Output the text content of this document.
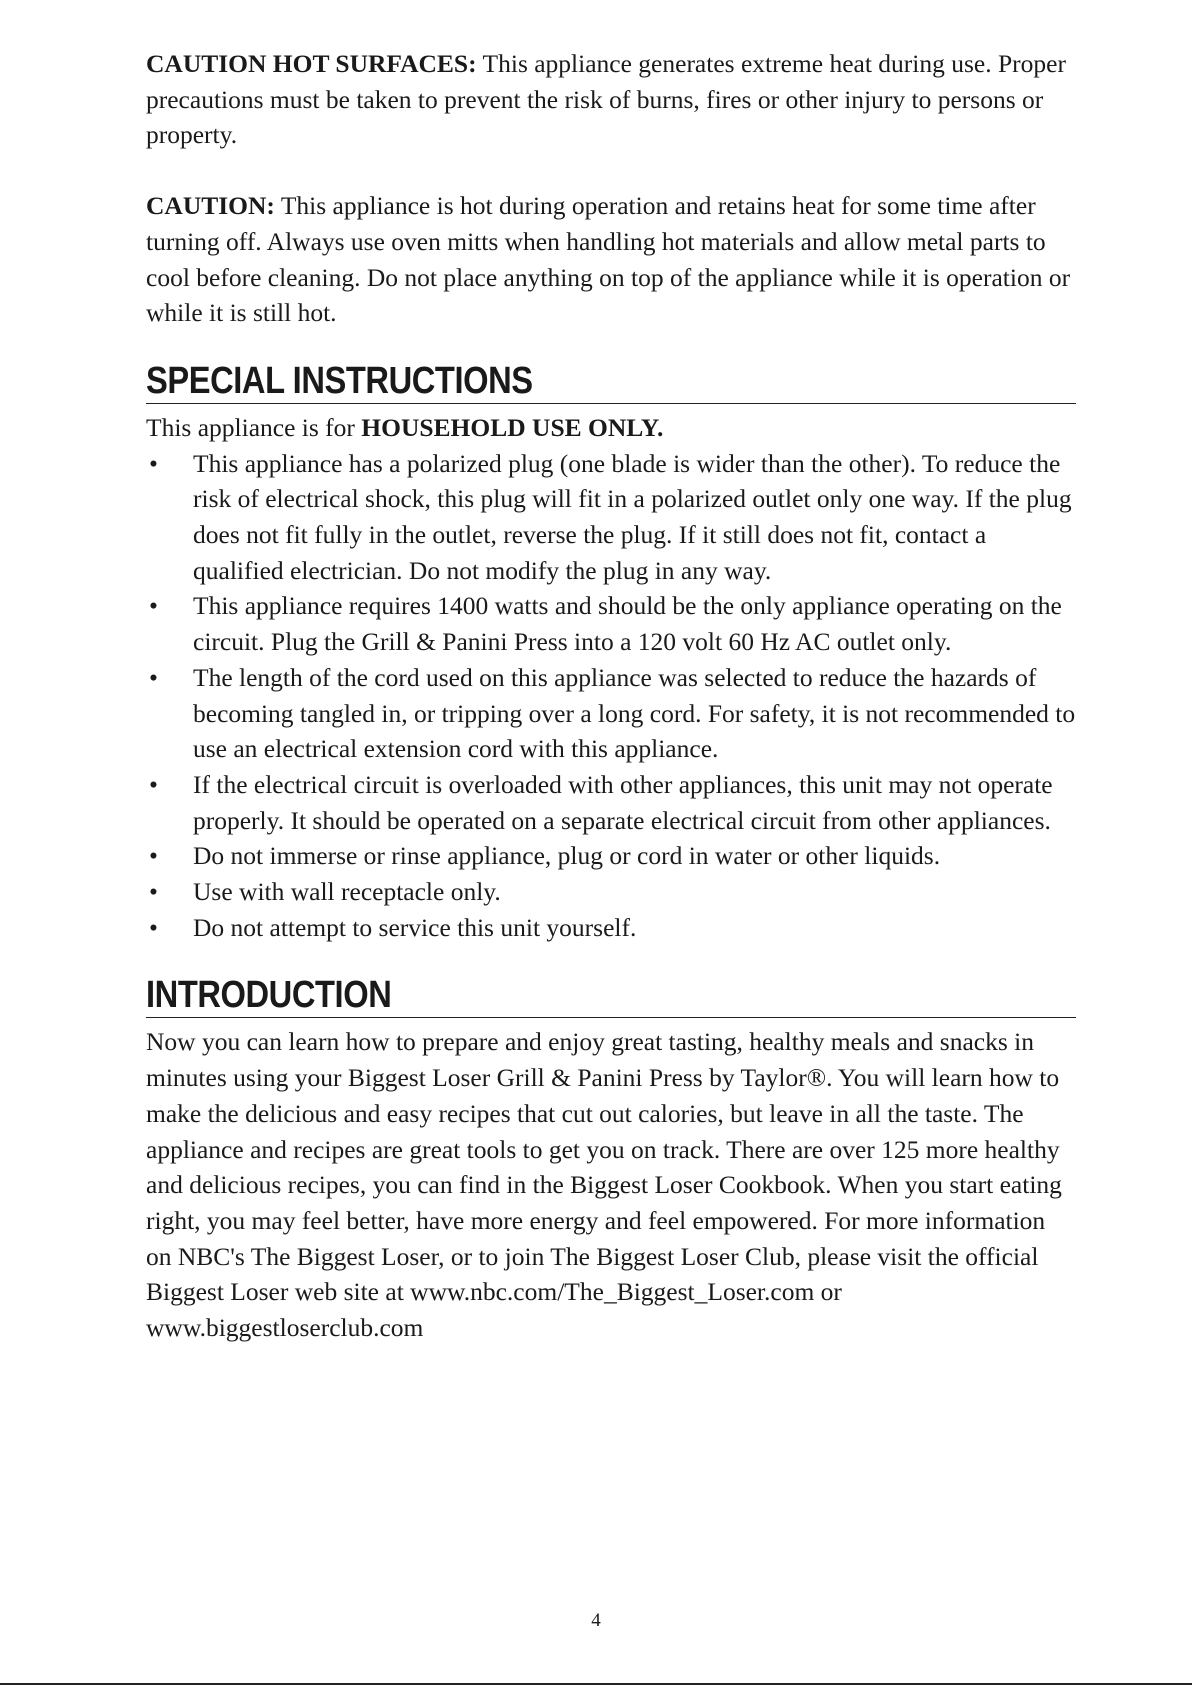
CAUTION HOT SURFACES: This appliance generates extreme heat during use. Proper precautions must be taken to prevent the risk of burns, fires or other injury to persons or property.

CAUTION: This appliance is hot during operation and retains heat for some time after turning off. Always use oven mitts when handling hot materials and allow metal parts to cool before cleaning. Do not place anything on top of the appliance while it is operation or while it is still hot.

SPECIAL INSTRUCTIONS

This appliance is for HOUSEHOLD USE ONLY.

• This appliance has a polarized plug (one blade is wider than the other). To reduce the risk of electrical shock, this plug will fit in a polarized outlet only one way. If the plug does not fit fully in the outlet, reverse the plug. If it still does not fit, contact a qualified electrician. Do not modify the plug in any way.
• This appliance requires 1400 watts and should be the only appliance operating on the circuit. Plug the Grill & Panini Press into a 120 volt 60 Hz AC outlet only.
• The length of the cord used on this appliance was selected to reduce the hazards of becoming tangled in, or tripping over a long cord. For safety, it is not recommended to use an electrical extension cord with this appliance.
• If the electrical circuit is overloaded with other appliances, this unit may not operate properly. It should be operated on a separate electrical circuit from other appliances.
• Do not immerse or rinse appliance, plug or cord in water or other liquids.
• Use with wall receptacle only.
• Do not attempt to service this unit yourself.
INTRODUCTION

Now you can learn how to prepare and enjoy great tasting, healthy meals and snacks in minutes using your Biggest Loser Grill & Panini Press by Taylor®. You will learn how to make the delicious and easy recipes that cut out calories, but leave in all the taste. The appliance and recipes are great tools to get you on track. There are over 125 more healthy and delicious recipes, you can find in the Biggest Loser Cookbook. When you start eating right, you may feel better, have more energy and feel empowered. For more information on NBC's The Biggest Loser, or to join The Biggest Loser Club, please visit the official Biggest Loser web site at www.nbc.com/The_Biggest_Loser.com or www.biggestloserclub.com

4
